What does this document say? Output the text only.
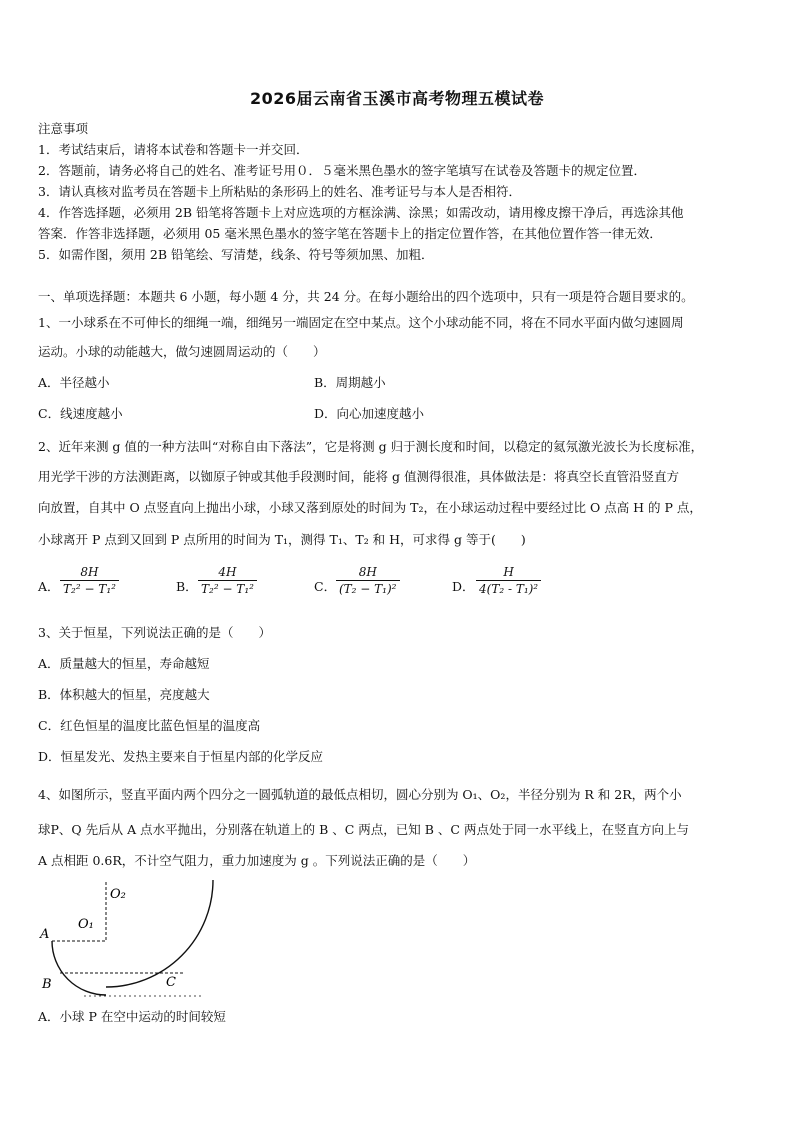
2026届云南省玉溪市高考物理五模试卷
注意事项
1．考试结束后，请将本试卷和答题卡一并交回．
2．答题前，请务必将自己的姓名、准考证号用０．５毫米黑色墨水的签字笔填写在试卷及答题卡的规定位置．
3．请认真核对监考员在答题卡上所粘贴的条形码上的姓名、准考证号与本人是否相符．
4．作答选择题，必须用 2B 铅笔将答题卡上对应选项的方框涂满、涂黑；如需改动，请用橡皮擦干净后，再选涂其他
答案．作答非选择题，必须用 05 毫米黑色墨水的签字笔在答题卡上的指定位置作答，在其他位置作答一律无效．
5．如需作图，须用 2B 铅笔绘、写清楚，线条、符号等须加黑、加粗．
一、单项选择题：本题共 6 小题，每小题 4 分，共 24 分。在每小题给出的四个选项中，只有一项是符合题目要求的。
1、一小球系在不可伸长的细绳一端，细绳另一端固定在空中某点。这个小球动能不同，将在不同水平面内做匀速圆周
运动。小球的动能越大，做匀速圆周运动的（　　）
A．半径越小	B．周期越小
C．线速度越小	D．向心加速度越小
2、近年来测 g 值的一种方法叫“对称自由下落法”，它是将测 g 归于测长度和时间，以稳定的氦氖激光波长为长度标准，
用光学干涉的方法测距离，以铷原子钟或其他手段测时间，能将 g 值测得很准，具体做法是：将真空长直管沿竖直方
向放置，自其中 O 点竖直向上抛出小球，小球又落到原处的时间为 T₂，在小球运动过程中要经过比 O 点高 H 的 P 点，
小球离开 P 点到又回到 P 点所用的时间为 T₁，测得 T₁、T₂ 和 H，可求得 g 等于(　　)
A． $\frac{8H}{\text{T₂² − T₁²}}$	B． $\frac{4H}{\text{T₂² − T₁²}}$	C． $\frac{8H}{\text{(T₂ − T₁)²}}$	D． $\frac{H}{\text{4(T₂ - T₁)²}}$
3、关于恒星，下列说法正确的是（　　）
A．质量越大的恒星，寿命越短
B．体积越大的恒星，亮度越大
C．红色恒星的温度比蓝色恒星的温度高
D．恒星发光、发热主要来自于恒星内部的化学反应
4、如图所示，竖直平面内两个四分之一圆弧轨道的最低点相切，圆心分别为 O₁、O₂，半径分别为 R 和 2R，两个小
球P、Q 先后从 A 点水平抛出，分别落在轨道上的 B 、C 两点，已知 B 、C 两点处于同一水平线上，在竖直方向上与
A 点相距 0.6R，不计空气阻力，重力加速度为 g 。下列说法正确的是（　　）
O₂
O₁
A
B	C
A．小球 P 在空中运动的时间较短
